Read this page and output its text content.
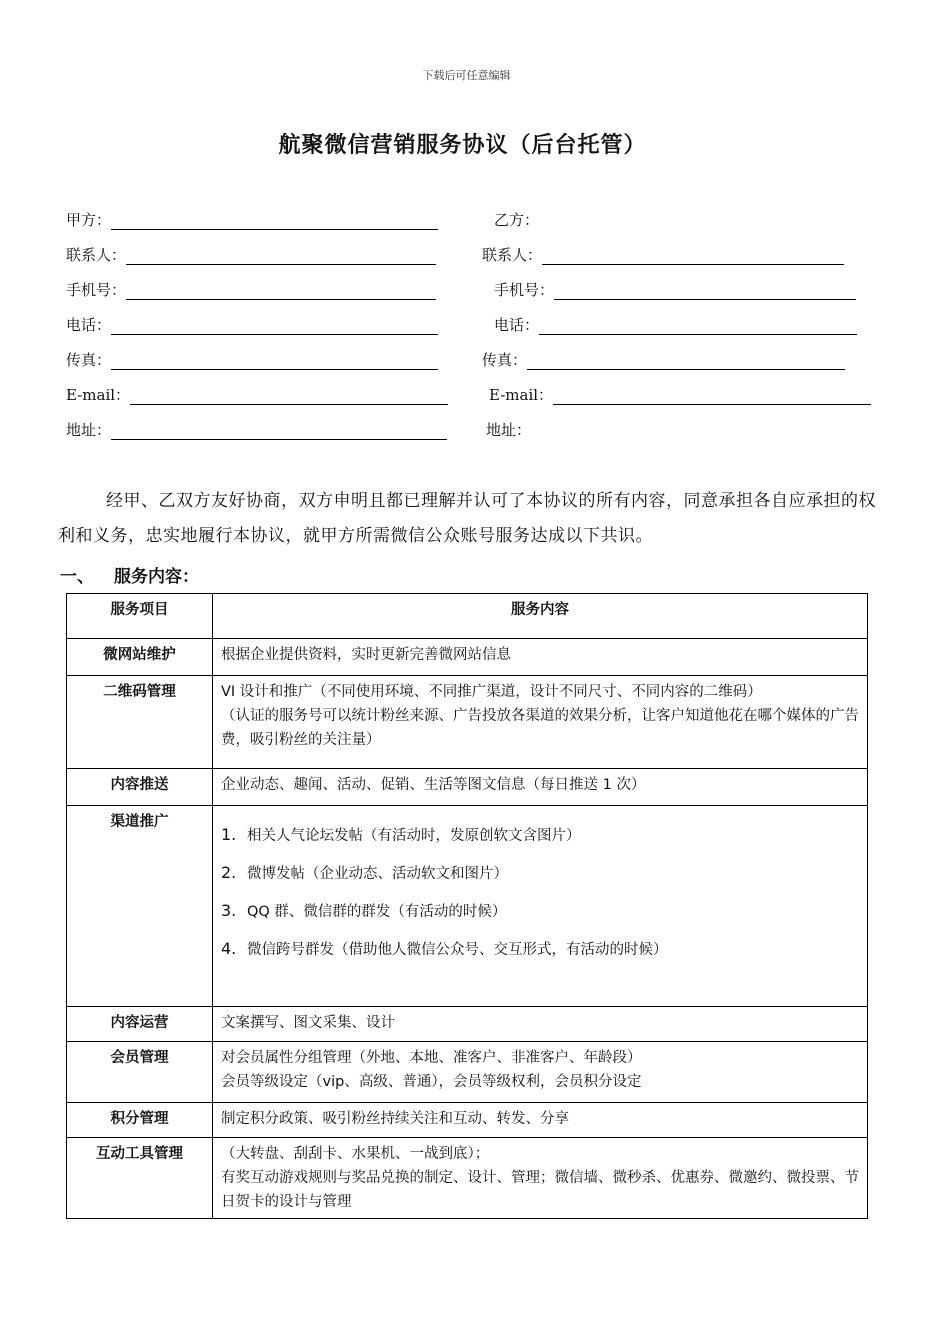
下载后可任意编辑
航聚微信营销服务协议（后台托管）
甲方：
联系人：
手机号：
电话：
传真：
E-mail：
地址：
乙方：
联系人：
手机号：
电话：
传真：
E-mail：
地址：
经甲、乙双方友好协商，双方申明且都已理解并认可了本协议的所有内容，同意承担各自应承担的权利和义务，忠实地履行本协议，就甲方所需微信公众账号服务达成以下共识。
一、 服务内容：
服务项目	服务内容
微网站维护	根据企业提供资料，实时更新完善微网站信息

二维码管理	VI 设计和推广（不同使用环境、不同推广渠道，设计不同尺寸、不同内容的二维码）
（认证的服务号可以统计粉丝来源、广告投放各渠道的效果分析，让客户知道他花在哪个媒体的广告费，吸引粉丝的关注量）

内容推送	企业动态、趣闻、活动、促销、生活等图文信息（每日推送 1 次）

渠道推广	1. 相关人气论坛发帖（有活动时，发原创软文含图片）
2. 微博发帖（企业动态、活动软文和图片）
3. QQ 群、微信群的群发（有活动的时候）
4. 微信跨号群发（借助他人微信公众号、交互形式，有活动的时候）

内容运营	文案撰写、图文采集、设计

会员管理	对会员属性分组管理（外地、本地、准客户、非准客户、年龄段）
会员等级设定（vip、高级、普通），会员等级权利，会员积分设定

积分管理	制定积分政策、吸引粉丝持续关注和互动、转发、分享

互动工具管理	（大转盘、刮刮卡、水果机、一战到底）；
有奖互动游戏规则与奖品兑换的制定、设计、管理；微信墙、微秒杀、优惠券、微邀约、微投票、节日贺卡的设计与管理
